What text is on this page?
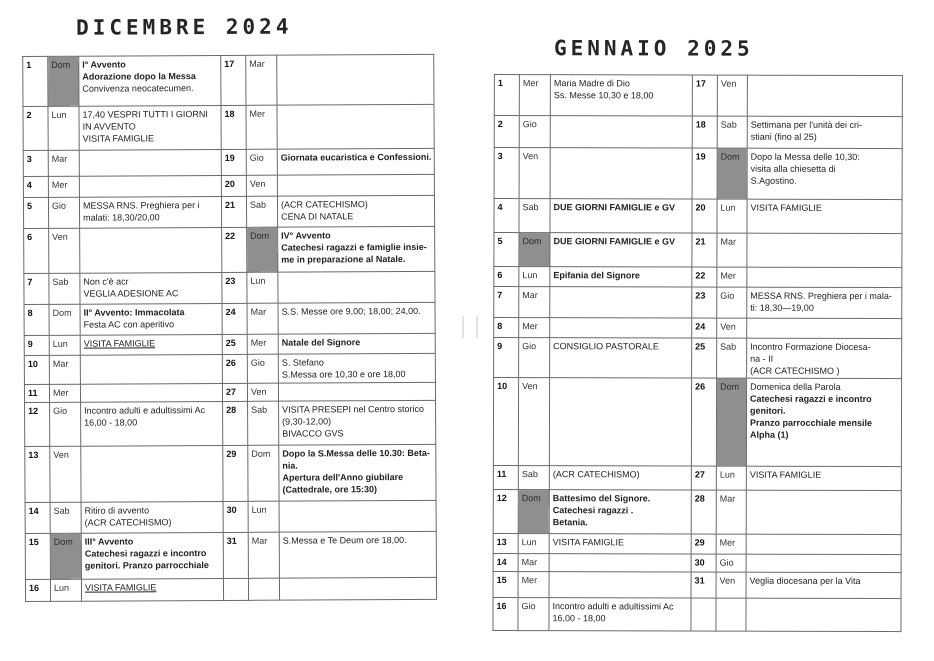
DICEMBRE 2024
1	Dom	I° Avvento
Adorazione dopo la Messa
Convivenza neocatecumen.	17	Mar	
2	Lun	17,40 VESPRI TUTTI I GIORNI
IN AVVENTO
VISITA FAMIGLIE	18	Mer	
3	Mar		19	Gio	Giornata eucaristica e Confessioni.

4	Mer		20	Ven	
5	Gio	MESSA RNS. Preghiera per i
malati: 18,30/20,00	21	Sab	(ACR CATECHISMO)
CENA DI NATALE

6	Ven		22	Dom	IV° Avvento
Catechesi ragazzi e famiglie insie-
me in preparazione al Natale.

7	Sab	Non c'è acr
VEGLIA ADESIONE AC	23	Lun	
8	Dom	II° Avvento: Immacolata
Festa AC con aperitivo	24	Mar	S.S. Messe ore 9,00; 18,00; 24,00.

9	Lun	VISITA FAMIGLIE	25	Mer	Natale del Signore

10	Mar		26	Gio	S. Stefano
S.Messa ore 10,30 e ore 18,00

11	Mer		27	Ven	
12	Gio	Incontro adulti e adultissimi Ac
16,00 - 18,00	28	Sab	VISITA PRESEPI nel Centro storico
(9,30-12,00)
BIVACCO GVS

13	Ven		29	Dom	Dopo la S.Messa delle 10.30: Beta-
nia.
Apertura dell'Anno giubilare
(Cattedrale, ore 15:30)

14	Sab	Ritiro di avvento
(ACR CATECHISMO)	30	Lun	
15	Dom	III° Avvento
Catechesi ragazzi e incontro
genitori. Pranzo parrocchiale	31	Mar	S.Messa e Te Deum ore 18,00.

16	Lun	VISITA FAMIGLIE			

GENNAIO 2025
1	Mer	Maria Madre di Dio
Ss. Messe 10,30 e 18,00	17	Ven	
2	Gio		18	Sab	Settimana per l'unità dei cri-
stiani (fino al 25)

3	Ven		19	Dom	Dopo la Messa delle 10,30:
visita alla chiesetta di
S.Agostino.

4	Sab	DUE GIORNI FAMIGLIE e GV	20	Lun	VISITA FAMIGLIE

5	Dom	DUE GIORNI FAMIGLIE e GV	21	Mar	
6	Lun	Epifania del Signore	22	Mer	
7	Mar		23	Gio	MESSA RNS. Preghiera per i mala-
ti: 18,30—19,00

8	Mer		24	Ven	
9	Gio	CONSIGLIO PASTORALE	25	Sab	Incontro Formazione Diocesa-
na - II
(ACR CATECHISMO )

10	Ven		26	Dom	Domenica della Parola
Catechesi ragazzi e incontro
genitori.
Pranzo parrocchiale mensile
Alpha (1)

11	Sab	(ACR CATECHISMO)	27	Lun	VISITA FAMIGLIE

12	Dom	Battesimo del Signore.
Catechesi ragazzi .
Betania.	28	Mar	
13	Lun	VISITA FAMIGLIE	29	Mer	
14	Mar		30	Gio	
15	Mer		31	Ven	Veglia diocesana per la Vita

16	Gio	Incontro adulti e adultissimi Ac
16,00 - 18,00			
